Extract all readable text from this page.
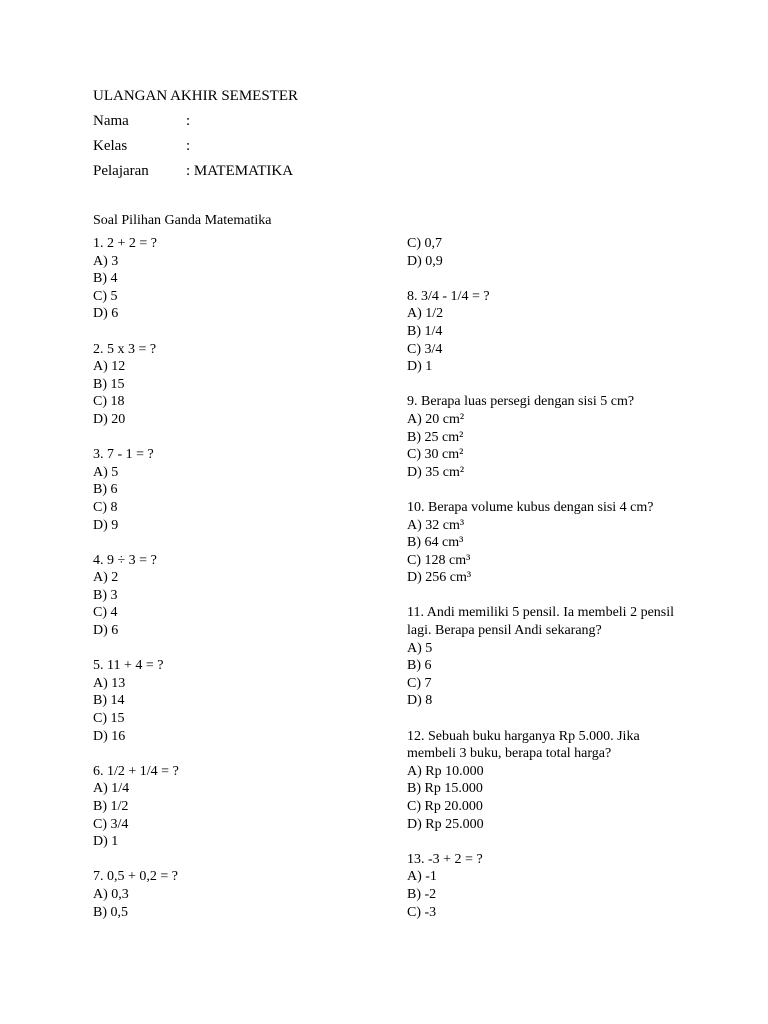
ULANGAN AKHIR SEMESTER
Nama	:
Kelas	:
Pelajaran : MATEMATIKA
Soal Pilihan Ganda Matematika
1. 2 + 2 = ?
A) 3
B) 4
C) 5
D) 6
2. 5 x 3 = ?
A) 12
B) 15
C) 18
D) 20
3. 7 - 1 = ?
A) 5
B) 6
C) 8
D) 9
4. 9 ÷ 3 = ?
A) 2
B) 3
C) 4
D) 6
5. 11 + 4 = ?
A) 13
B) 14
C) 15
D) 16
6. 1/2 + 1/4 = ?
A) 1/4
B) 1/2
C) 3/4
D) 1
7. 0,5 + 0,2 = ?
A) 0,3
B) 0,5
C) 0,7
D) 0,9
8. 3/4 - 1/4 = ?
A) 1/2
B) 1/4
C) 3/4
D) 1
9. Berapa luas persegi dengan sisi 5 cm?
A) 20 cm²
B) 25 cm²
C) 30 cm²
D) 35 cm²
10. Berapa volume kubus dengan sisi 4 cm?
A) 32 cm³
B) 64 cm³
C) 128 cm³
D) 256 cm³
11. Andi memiliki 5 pensil. Ia membeli 2 pensil lagi. Berapa pensil Andi sekarang?
A) 5
B) 6
C) 7
D) 8
12. Sebuah buku harganya Rp 5.000. Jika membeli 3 buku, berapa total harga?
A) Rp 10.000
B) Rp 15.000
C) Rp 20.000
D) Rp 25.000
13. -3 + 2 = ?
A) -1
B) -2
C) -3
